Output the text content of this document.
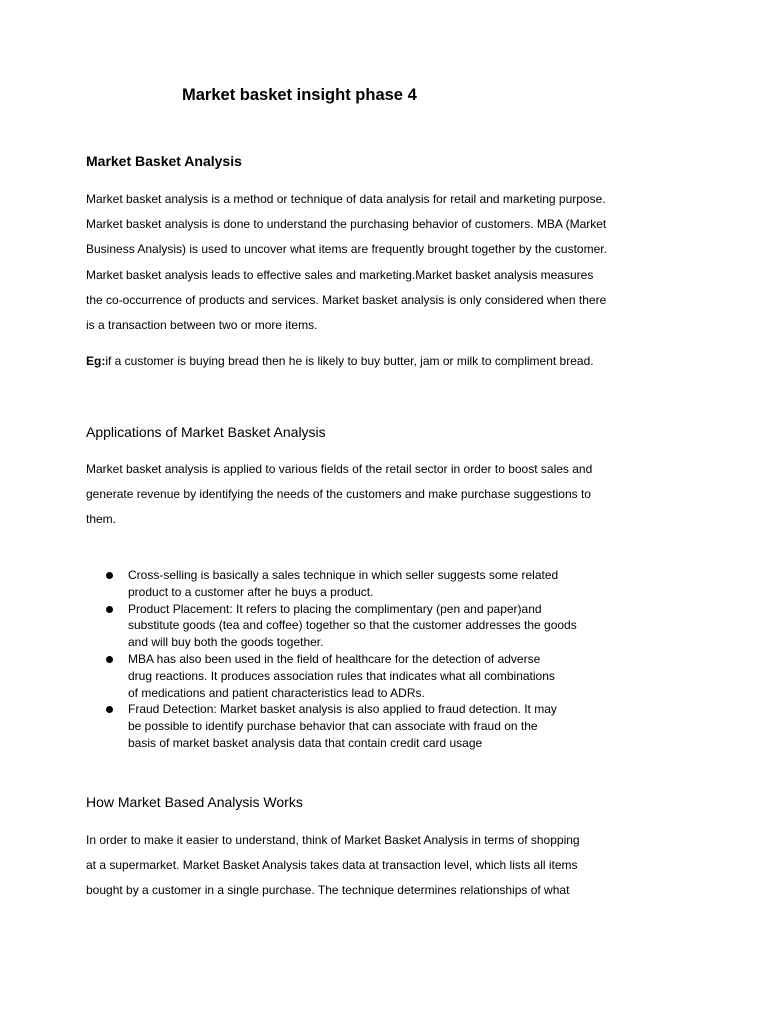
Market basket insight phase 4
Market Basket Analysis
Market basket analysis is a method or technique of data analysis for retail and marketing purpose.
Market basket analysis is done to understand the purchasing behavior of customers. MBA (Market
Business Analysis) is used to uncover what items are frequently brought together by the customer.
Market basket analysis leads to effective sales and marketing.Market basket analysis measures
the co-occurrence of products and services. Market basket analysis is only considered when there
is a transaction between two or more items.
Eg:if a customer is buying bread then he is likely to buy butter, jam or milk to compliment bread.
Applications of Market Basket Analysis
Market basket analysis is applied to various fields of the retail sector in order to boost sales and
generate revenue by identifying the needs of the customers and make purchase suggestions to
them.
Cross-selling is basically a sales technique in which seller suggests some related
product to a customer after he buys a product.
Product Placement: It refers to placing the complimentary (pen and paper)and
substitute goods (tea and coffee) together so that the customer addresses the goods
and will buy both the goods together.
MBA has also been used in the field of healthcare for the detection of adverse
drug reactions. It produces association rules that indicates what all combinations
of medications and patient characteristics lead to ADRs.
Fraud Detection: Market basket analysis is also applied to fraud detection. It may
be possible to identify purchase behavior that can associate with fraud on the
basis of market basket analysis data that contain credit card usage
How Market Based Analysis Works
In order to make it easier to understand, think of Market Basket Analysis in terms of shopping
at a supermarket. Market Basket Analysis takes data at transaction level, which lists all items
bought by a customer in a single purchase. The technique determines relationships of what
